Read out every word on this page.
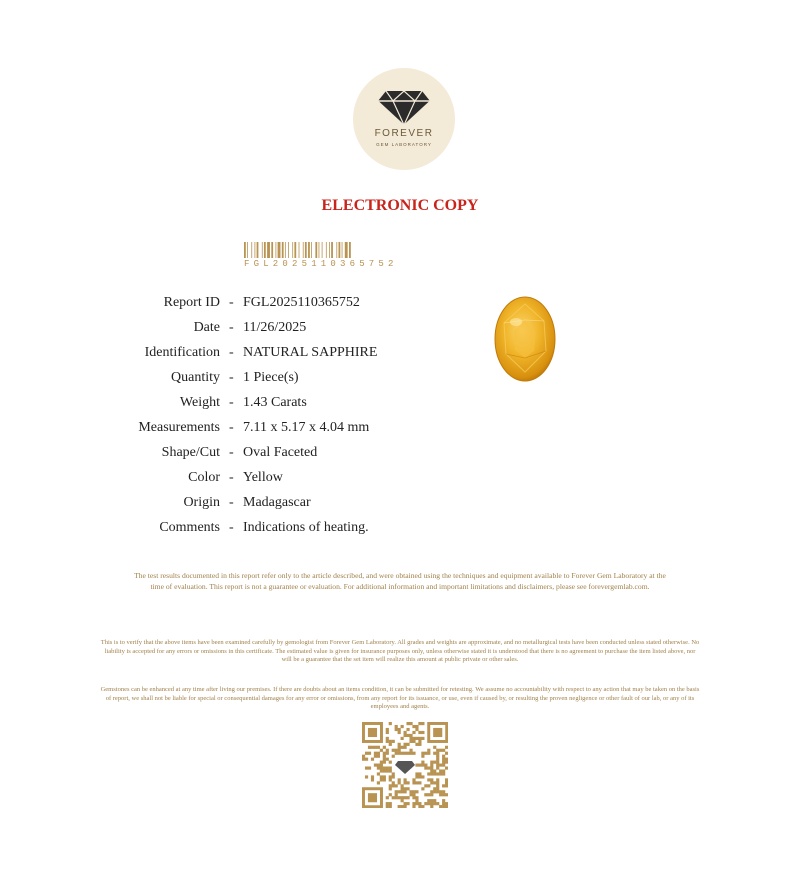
FOREVER
GEM LABORATORY
ELECTRONIC COPY
FGL2025110365752
Report ID - FGL2025110365752
Date - 11/26/2025
Identification - NATURAL SAPPHIRE
Quantity - 1 Piece(s)
Weight - 1.43 Carats
Measurements - 7.11 x 5.17 x 4.04 mm
Shape/Cut - Oval Faceted
Color - Yellow
Origin - Madagascar
Comments - Indications of heating.
The test results documented in this report refer only to the article described, and were obtained using the techniques and equipment available to Forever Gem Laboratory at the time of evaluation. This report is not a guarantee or evaluation. For additional information and important limitations and disclaimers, please see forevergemlab.com.
This is to verify that the above items have been examined carefully by gemologist from Forever Gem Laboratory. All grades and weights are approximate, and no metallurgical tests have been conducted unless stated otherwise. No liability is accepted for any errors or omissions in this certificate. The estimated value is given for insurance purposes only, unless otherwise stated it is understood that there is no agreement to purchase the item listed above, nor will be a guarantee that the set item will realize this amount at public private or other sales.
Gemstones can be enhanced at any time after living our premises. If there are doubts about an items condition, it can be submitted for retesting. We assume no accountability with respect to any action that may be taken on the basis of report, we shall not be liable for special or consequential damages for any error or omissions, from any report for its issuance, or use, even if caused by, or resulting the proven negligence or other fault of our lab, or any of its employees and agents.
